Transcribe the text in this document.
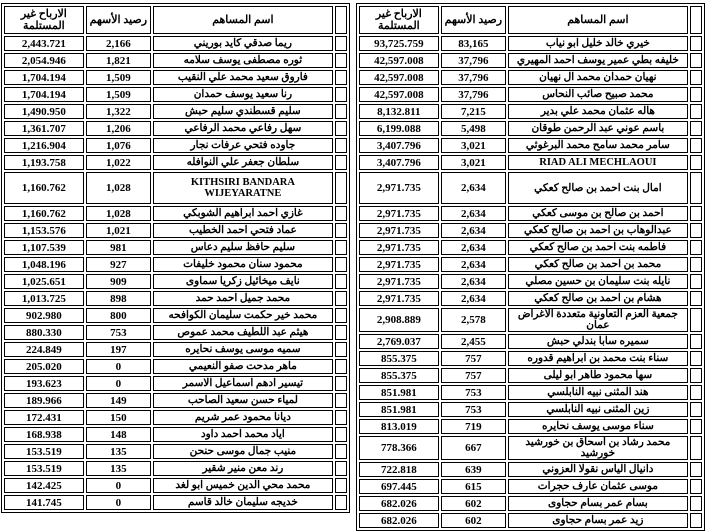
	اسم المساهم	رصيد الأسهم	الارباح غير
المستلمة

	خيري خالد خليل ابو نياب	83,165	93,725.759
	خليفه بطي عمير يوسف احمد المهيري	37,796	42,597.008
	نهيان حمدان محمد ال نهيان	37,796	42,597.008
	محمد صبيح صائب النحاس	37,796	42,597.008
	هاله عثمان محمد علي بدير	7,215	8,132.811
	باسم عوني عبد الرحمن طوقان	5,498	6,199.088
	سامر محمد سامح محمد البرغوثي	3,021	3,407.796
	RIAD ALI MECHLAOUI	3,021	3,407.796
	امال بنت احمد بن صالح كعكي	2,634	2,971.735
	احمد بن صالح بن موسى كعكي	2,634	2,971.735
	عبدالوهاب بن احمد بن صالح كعكي	2,634	2,971.735
	فاطمه بنت احمد بن صالح كعكي	2,634	2,971.735
	محمد بن احمد بن صالح كعكي	2,634	2,971.735
	نايله بنت سليمان بن حسين مصلي	2,634	2,971.735
	هشام بن احمد بن صالح كعكي	2,634	2,971.735
	جمعية العزم التعاونية متعددة الاغراض عمان	2,578	2,908.889
	سميره سابا بندلي حبش	2,455	2,769.037
	سناء بنت محمد بن ابراهيم قدوره	757	855.375
	سها محمود طاهر ابو ليلى	757	855.375
	هند المثنى نبيه النابلسي	753	851.981
	زين المثنى نبيه النابلسي	753	851.981
	سناء موسى يوسف نحايره	719	813.019
	محمد رشاد بن اسحاق بن خورشيد خورشيد	667	778.366
	دانيال الياس نقولا العزوني	639	722.818
	موسى عثمان عارف حجرات	615	697.445
	بسام عمر بسام حجاوى	602	682.026
	زيد عمر بسام حجاوى	602	682.026
	اسم المساهم	رصيد الأسهم	الارباح غير
المستلمة

	ريما صدقي كايد بوريني	2,166	2,443.721
	ثوره مصطفى يوسف سلامه	1,821	2,054.946
	فاروق سعيد محمد علي النقيب	1,509	1,704.194
	رنا سعيد يوسف حمدان	1,509	1,704.194
	سليم قسطندي سليم حبش	1,322	1,490.950
	سهل رفاعي محمد الرفاعي	1,206	1,361.707
	جاوده فتحي عرفات نجار	1,076	1,216.904
	سلطان جعفر علي النوافله	1,022	1,193.758
	KITHSIRI BANDARA WIJEYARATNE	1,028	1,160.762
	غازي احمد ابراهيم الشوبكي	1,028	1,160.762
	عماد فتحي احمد الخطيب	1,021	1,153.576
	سليم حافظ سليم دعاس	981	1,107.539
	محمود سنان محمود خليفات	927	1,048.196
	نايف ميخائيل زكريا سماوى	909	1,025.651
	محمد جميل احمد حمد	898	1,013.725
	محمد خير حكمت سليمان الكوافحه	800	902.980
	هيثم عبد اللطيف محمد عموص	753	880.330
	سميه موسى يوسف نحايره	197	224.849
	ماهر مدحت صفو النعيمي	0	205.020
	تيسير ادهم اسماعيل الاسمر	0	193.623
	لمياء حسن سعيد الصاحب	149	189.966
	ديانا محمود عمر شريم	150	172.431
	اياد محمد احمد داود	148	168.938
	منيب جمال موسى حنحن	135	153.519
	رند معن منير شقير	135	153.519
	محمد محي الدين خميس ابو لغد	0	142.425
	خديجه سليمان خالد قاسم	0	141.745
